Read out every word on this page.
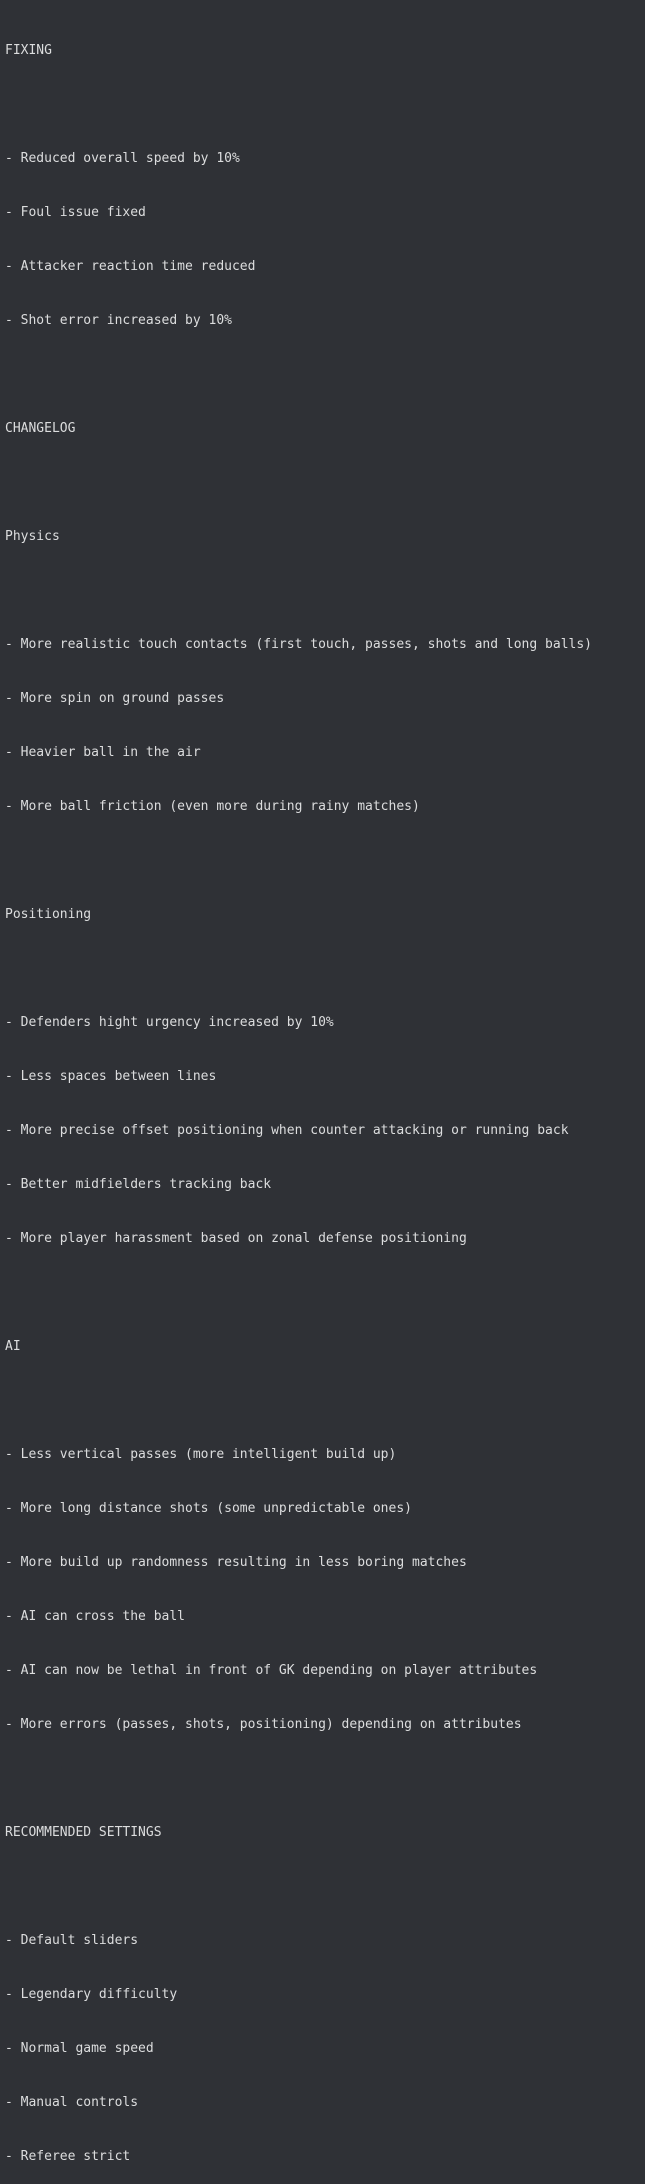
FIXING

- Reduced overall speed by 10%

- Foul issue fixed

- Attacker reaction time reduced

- Shot error increased by 10%

CHANGELOG

Physics

- More realistic touch contacts (first touch, passes, shots and long balls)

- More spin on ground passes

- Heavier ball in the air

- More ball friction (even more during rainy matches)

Positioning

- Defenders hight urgency increased by 10%

- Less spaces between lines

- More precise offset positioning when counter attacking or running back

- Better midfielders tracking back

- More player harassment based on zonal defense positioning

AI

- Less vertical passes (more intelligent build up)

- More long distance shots (some unpredictable ones)

- More build up randomness resulting in less boring matches

- AI can cross the ball

- AI can now be lethal in front of GK depending on player attributes

- More errors (passes, shots, positioning) depending on attributes

RECOMMENDED SETTINGS

- Default sliders

- Legendary difficulty

- Normal game speed

- Manual controls

- Referee strict
